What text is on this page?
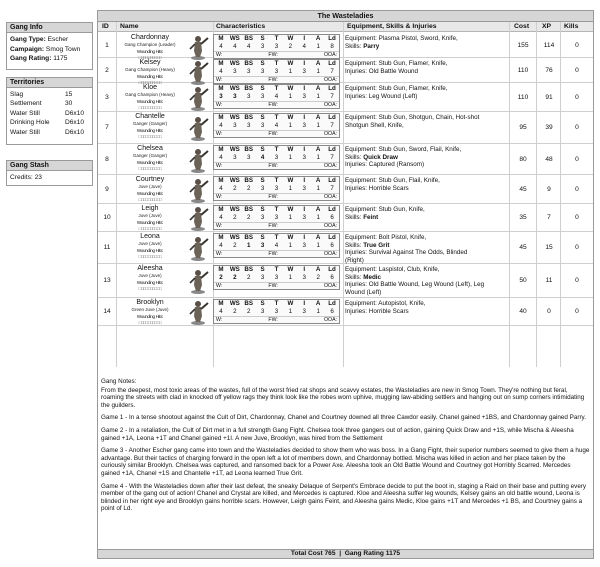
Gang Info
Gang Type: Escher
Campaign: Smog Town
Gang Rating: 1175
Territories
Slag	15
Settlement	30
Water Still	D6x10
Drinking Hole	D6x10
Water Still	D6x10
Gang Stash
Credits: 23
The Wasteladies
ID Name	Characteristics	Equipment, Skills & Injuries	Cost XP Kills
1
Chardonnay
Gang Champion (Leader)
Wounding Hits:
□□□□□□□□□□
M	WS BS	S	T	W	I	A	Ld
4	4	4	3	3	2	4	1	8
W:	FW:	OOA:
Equipment: Plasma Pistol, Sword, Knife,
Skills: Parry	155	114	0
2
Kelsey
Gang Champion (Heavy)
Wounding Hits:
□□□□□□□□□□
M	WS BS	S	T	W	I	A	Ld
4	3	3	3	3	1	3	1	7
W:	FW:	OOA:
Equipment: Stub Gun, Flamer, Knife,
Injuries: Old Battle Wound	110	76	0
3
Kloe
Gang Champion (Heavy)
Wounding Hits:
□□□□□□□□□□
M	WS BS	S	T	W	I	A	Ld
3	3	3	3	4	1	3	1	7
W:	FW:	OOA:
Equipment: Stub Gun, Flamer, Knife,
Injuries: Leg Wound (Left)	110	91	0
7
Chantelle
Ganger (Ganger)
Wounding Hits:
□□□□□□□□□□
M	WS BS	S	T	W	I	A	Ld
4	3	3	3	4	1	3	1	7
W:	FW:	OOA:
Equipment: Stub Gun, Shotgun, Chain, Hot-shot
Shotgun Shell, Knife,	95	39	0
8
Chelsea
Ganger (Ganger)
Wounding Hits:
□□□□□□□□□□
M	WS BS	S	T	W	I	A	Ld
4	3	3	4	3	1	3	1	7
W:	FW:	OOA:
Equipment: Stub Gun, Sword, Flail, Knife,
Skills: Quick Draw
Injuries: Captured (Ransom)
80	48	0
9
Courtney
Juve (Juve)
Wounding Hits:
□□□□□□□□□□
M	WS BS	S	T	W	I	A	Ld
4	2	2	3	3	1	3	1	7
W:	FW:	OOA:
Equipment: Stub Gun, Flail, Knife,
Injuries: Horrible Scars	45	9	0
10
Leigh
Juve (Juve)
Wounding Hits:
□□□□□□□□□□
M	WS BS	S	T	W	I	A	Ld
4	2	2	3	3	1	3	1	6
W:	FW:	OOA:
Equipment: Stub Gun, Knife,
Skills: Feint	35	7	0
11
Leona
Juve (Juve)
Wounding Hits:
□□□□□□□□□□
M	WS BS	S	T	W	I	A	Ld
4	2	1	3	4	1	3	1	6
W:	FW:	OOA:
Equipment: Bolt Pistol, Knife,
Skills: True Grit
Injuries: Survival Against The Odds, Blinded
(Right)
45	15	0
13
Aleesha
Juve (Juve)
Wounding Hits:
□□□□□□□□□□
M	WS BS	S	T	W	I	A	Ld
2	2	2	3	3	1	3	2	6
W:	FW:	OOA:
Equipment: Laspistol, Club, Knife,
Skills: Medic
Injuries: Old Battle Wound, Leg Wound (Left), Leg
Wound (Left)
50	11	0
14
Brooklyn
Green Juve (Juve)
Wounding Hits:
□□□□□□□□□□
M	WS BS	S	T	W	I	A	Ld
4	2	2	3	3	1	3	1	6
W:	FW:	OOA:
Equipment: Autopistol, Knife,
Injuries: Horrible Scars	40	0	0
Gang Notes:

From the deepest, most toxic areas of the wastes, full of the worst fried rat shops and scavvy estates, the Wasteladies are new in Smog Town. They're nothing but feral, roaming the streets with clad in knocked off yellow rags they think look like the robes worn uphive, mugging law-abiding settlers and hanging out on sump corners intimidating the guilders.

Game 1 - In a tense shootout against the Cult of Dirt, Chardonnay, Chanel and Courtney downed all three Cawdor easily. Chanel gained +1BS, and Chardonnay gained Parry.

Game 2 - In a retaliation, the Cult of Dirt met in a full strength Gang Fight. Chelsea took three gangers out of action, gaining Quick Draw and +1S, while Mischa & Aleesha gained +1A, Leona +1T and Chanel gained +1I. A new Juve, Brooklyn, was hired from the Settlement

Game 3 - Another Escher gang came into town and the Wasteladies decided to show them who was boss. In a Gang Fight, their superior numbers seemed to give them a huge advantage. But their tactics of charging forward in the open left a lot of members down, and Chardonnay bottled. Mischa was killed in action and her place taken by the curiously similar Brooklyn. Chelsea was captured, and ransomed back for a Power Axe. Aleesha took an Old Battle Wound and Courtney got Horribly Scarred. Mercedes gained +1A, Chanel +1S and Chantelle +1T, ad Leona learned True Grit.

Game 4 - With the Wasteladies down after their last defeat, the sneaky Delaque of Serpent's Embrace decide to put the boot in, staging a Raid on their base and putting every member of the gang out of action! Chanel and Crystal are killed, and Mercedes is captured. Kloe and Aleesha suffer leg wounds, Kelsey gains an old battle wound, Leona is blinded in her right eye and Brooklyn gains horrible scars. However, Leigh gains Feint, and Aleesha gains Medic, Kloe gains +1T and Mercedes +1 BS, and Courtney gains a point of Ld.

Total Cost 765 | Gang Rating 1175
